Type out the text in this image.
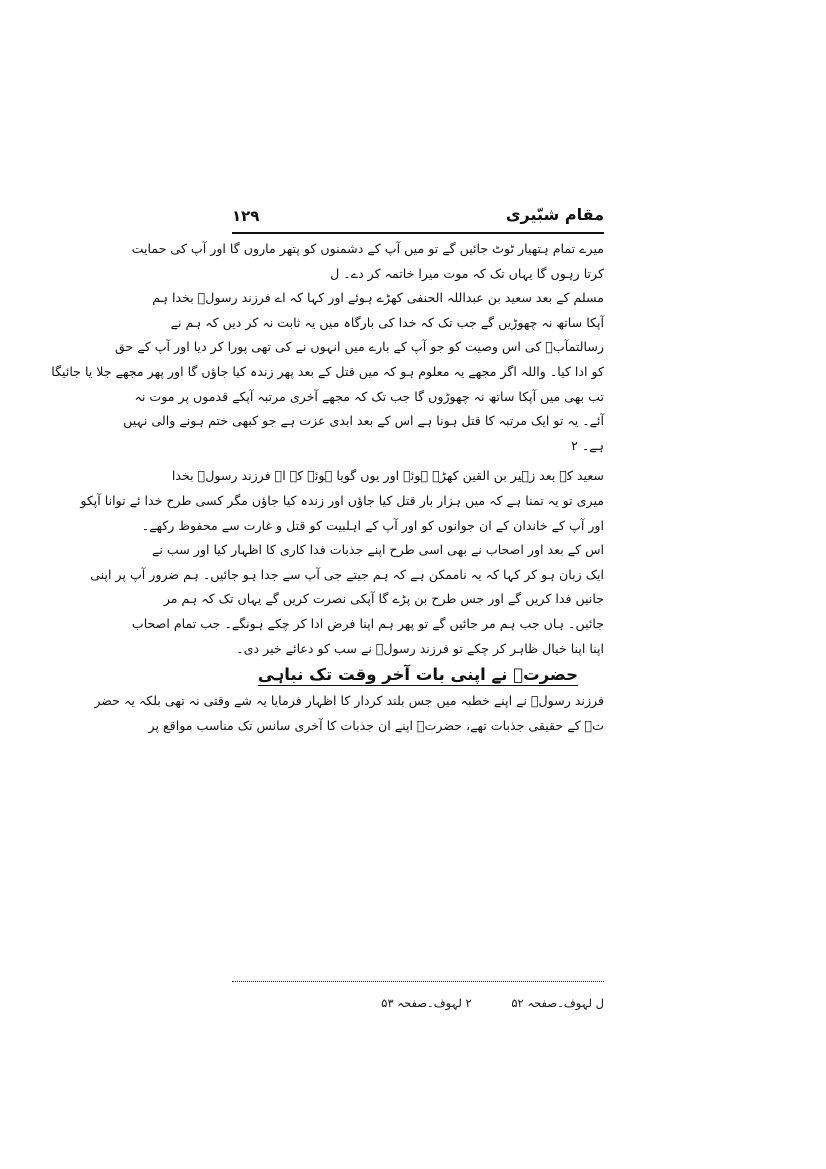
۱۲۹	مقام شبّیری
میرے تمام ہتھیار ٹوٹ جائیں گے تو میں آپ کے دشمنوں کو پتھر ماروں گا اور آپ کی حمایت
کرتا رہوں گا یہاں تک کہ موت میرا خاتمہ کر دے۔ ل
مسلم کے بعد سعید بن عبداللہ الحنفی کھڑے ہوئے اور کہا کہ اے فرزند رسولؐ بخدا ہم
آپکا ساتھ نہ چھوڑیں گے جب تک کہ خدا کی بارگاہ میں یہ ثابت نہ کر دیں کہ ہم نے
رسالتمآبؐ کی اس وصیت کو جو آپ کے بارے میں انہوں نے کی تھی پورا کر دیا اور آپ کے حق
کو ادا کیا۔ واللہ اگر مجھے یہ معلوم ہو کہ میں قتل کے بعد پھر زندہ کیا جاؤں گا اور پھر مجھے جلا یا جائیگا
تب بھی میں آپکا ساتھ نہ چھوڑوں گا جب تک کہ مجھے آخری مرتبہ آپکے قدموں پر موت نہ
آئے۔ یہ تو ایک مرتبہ کا قتل ہونا ہے اس کے بعد ابدی عزت ہے جو کبھی ختم ہونے والی نہیں
ہے۔ ۲
سعید کے بعد زہیر بن القین کھڑے ہوئے اور یوں گویا ہوئے کہ اے فرزند رسولؐ بخدا
میری تو یہ تمنا ہے کہ میں ہزار بار قتل کیا جاؤں اور زندہ کیا جاؤں مگر کسی طرح خدا ئے توانا آپکو
اور آپ کے خاندان کے ان جوانوں کو اور آپ کے اہلبیت کو قتل و غارت سے محفوظ رکھے۔
اس کے بعد اور اصحاب نے بھی اسی طرح اپنے جذبات فدا کاری کا اظہار کیا اور سب نے
ایک زبان ہو کر کہا کہ یہ ناممکن ہے کہ ہم جیتے جی آپ سے جدا ہو جائیں۔ ہم ضرور آپ پر اپنی
جانیں فدا کریں گے اور جس طرح بن پڑے گا آپکی نصرت کریں گے یہاں تک کہ ہم مر
جائیں۔ ہاں جب ہم مر جائیں گے تو پھر ہم اپنا فرض ادا کر چکے ہونگے۔ جب تمام اصحاب
اپنا اپنا خیال ظاہر کر چکے تو فرزند رسولؐ نے سب کو دعائے خیر دی۔
حضرتؑ نے اپنی بات آخر وقت تک نباہی
فرزند رسولؐ نے اپنے خطبہ میں جس بلند کردار کا اظہار فرمایا یہ شے وقتی نہ تھی بلکہ یہ حضر
تؑ کے حقیقی جذبات تھے، حضرتؑ اپنے ان جذبات کا آخری سانس تک مناسب مواقع پر
ل لہوف۔صفحہ ۵۲ ۲ لہوف۔صفحہ ۵۳
